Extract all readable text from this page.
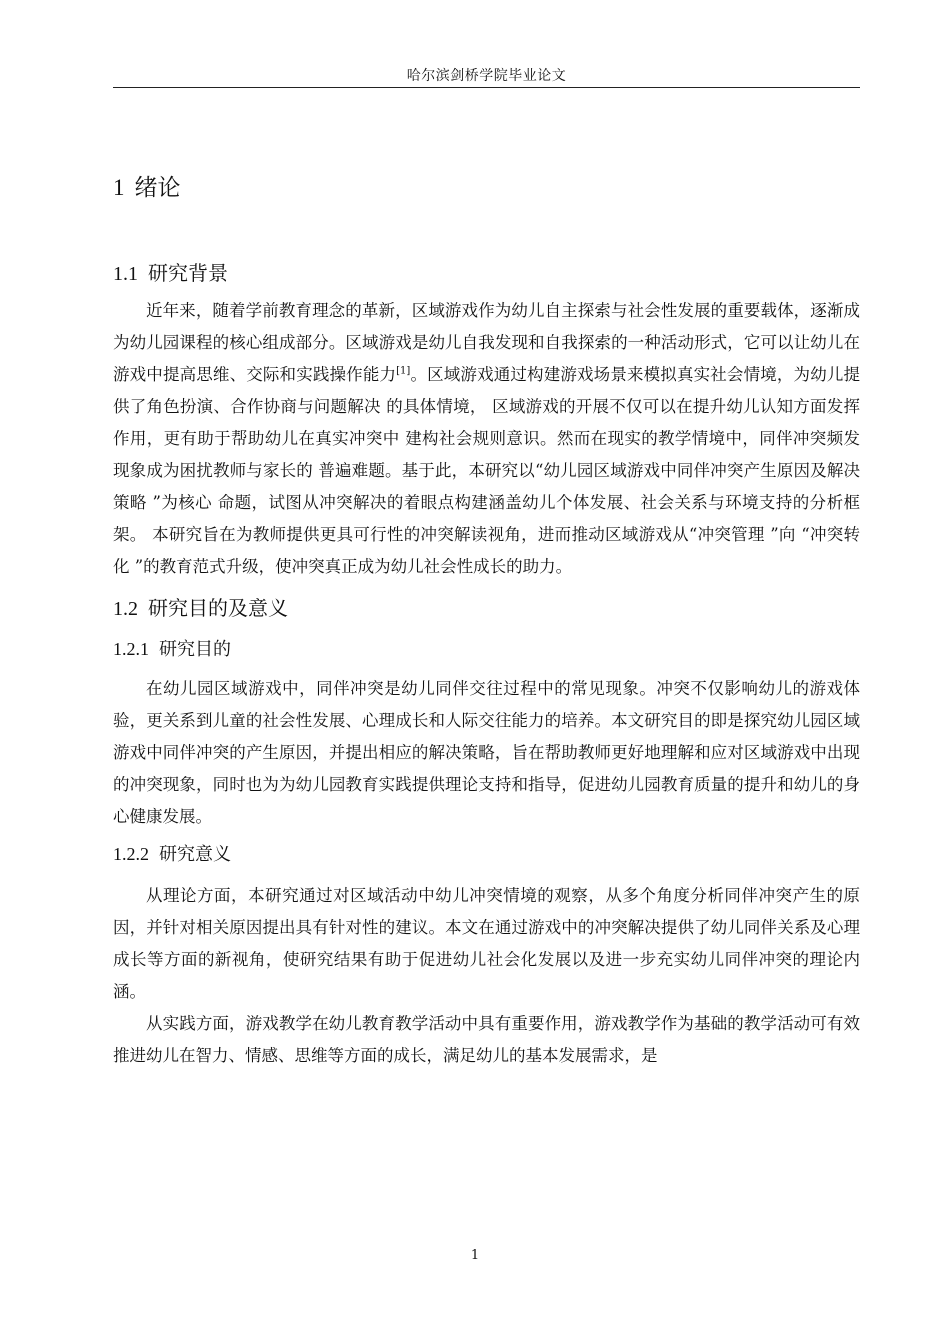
哈尔滨剑桥学院毕业论文
1 绪论
1.1 研究背景

近年来，随着学前教育理念的革新，区域游戏作为幼儿自主探索与社会性发展的重要载体，逐渐成为幼儿园课程的核心组成部分。区域游戏是幼儿自我发现和自我探索的一种活动形式，它可以让幼儿在游戏中提高思维、交际和实践操作能力[1]。区域游戏通过构建游戏场景来模拟真实社会情境，为幼儿提供了角色扮演、合作协商与问题解决 的具体情境， 区域游戏的开展不仅可以在提升幼儿认知方面发挥作用，更有助于帮助幼儿在真实冲突中 建构社会规则意识。然而在现实的教学情境中，同伴冲突频发现象成为困扰教师与家长的 普遍难题。基于此，本研究以“幼儿园区域游戏中同伴冲突产生原因及解决策略 ”为核心 命题，试图从冲突解决的着眼点构建涵盖幼儿个体发展、社会关系与环境支持的分析框架。 本研究旨在为教师提供更具可行性的冲突解读视角，进而推动区域游戏从“冲突管理 ”向 “冲突转化 ”的教育范式升级，使冲突真正成为幼儿社会性成长的助力。

1.2 研究目的及意义
1.2.1 研究目的

在幼儿园区域游戏中，同伴冲突是幼儿同伴交往过程中的常见现象。冲突不仅影响幼儿的游戏体验，更关系到儿童的社会性发展、心理成长和人际交往能力的培养。本文研究目的即是探究幼儿园区域游戏中同伴冲突的产生原因，并提出相应的解决策略，旨在帮助教师更好地理解和应对区域游戏中出现的冲突现象，同时也为为幼儿园教育实践提供理论支持和指导，促进幼儿园教育质量的提升和幼儿的身心健康发展。

1.2.2 研究意义

从理论方面，本研究通过对区域活动中幼儿冲突情境的观察，从多个角度分析同伴冲突产生的原因，并针对相关原因提出具有针对性的建议。本文在通过游戏中的冲突解决提供了幼儿同伴关系及心理成长等方面的新视角，使研究结果有助于促进幼儿社会化发展以及进一步充实幼儿同伴冲突的理论内涵。

从实践方面，游戏教学在幼儿教育教学活动中具有重要作用，游戏教学作为基础的教学活动可有效推进幼儿在智力、情感、思维等方面的成长，满足幼儿的基本发展需求，是

1
